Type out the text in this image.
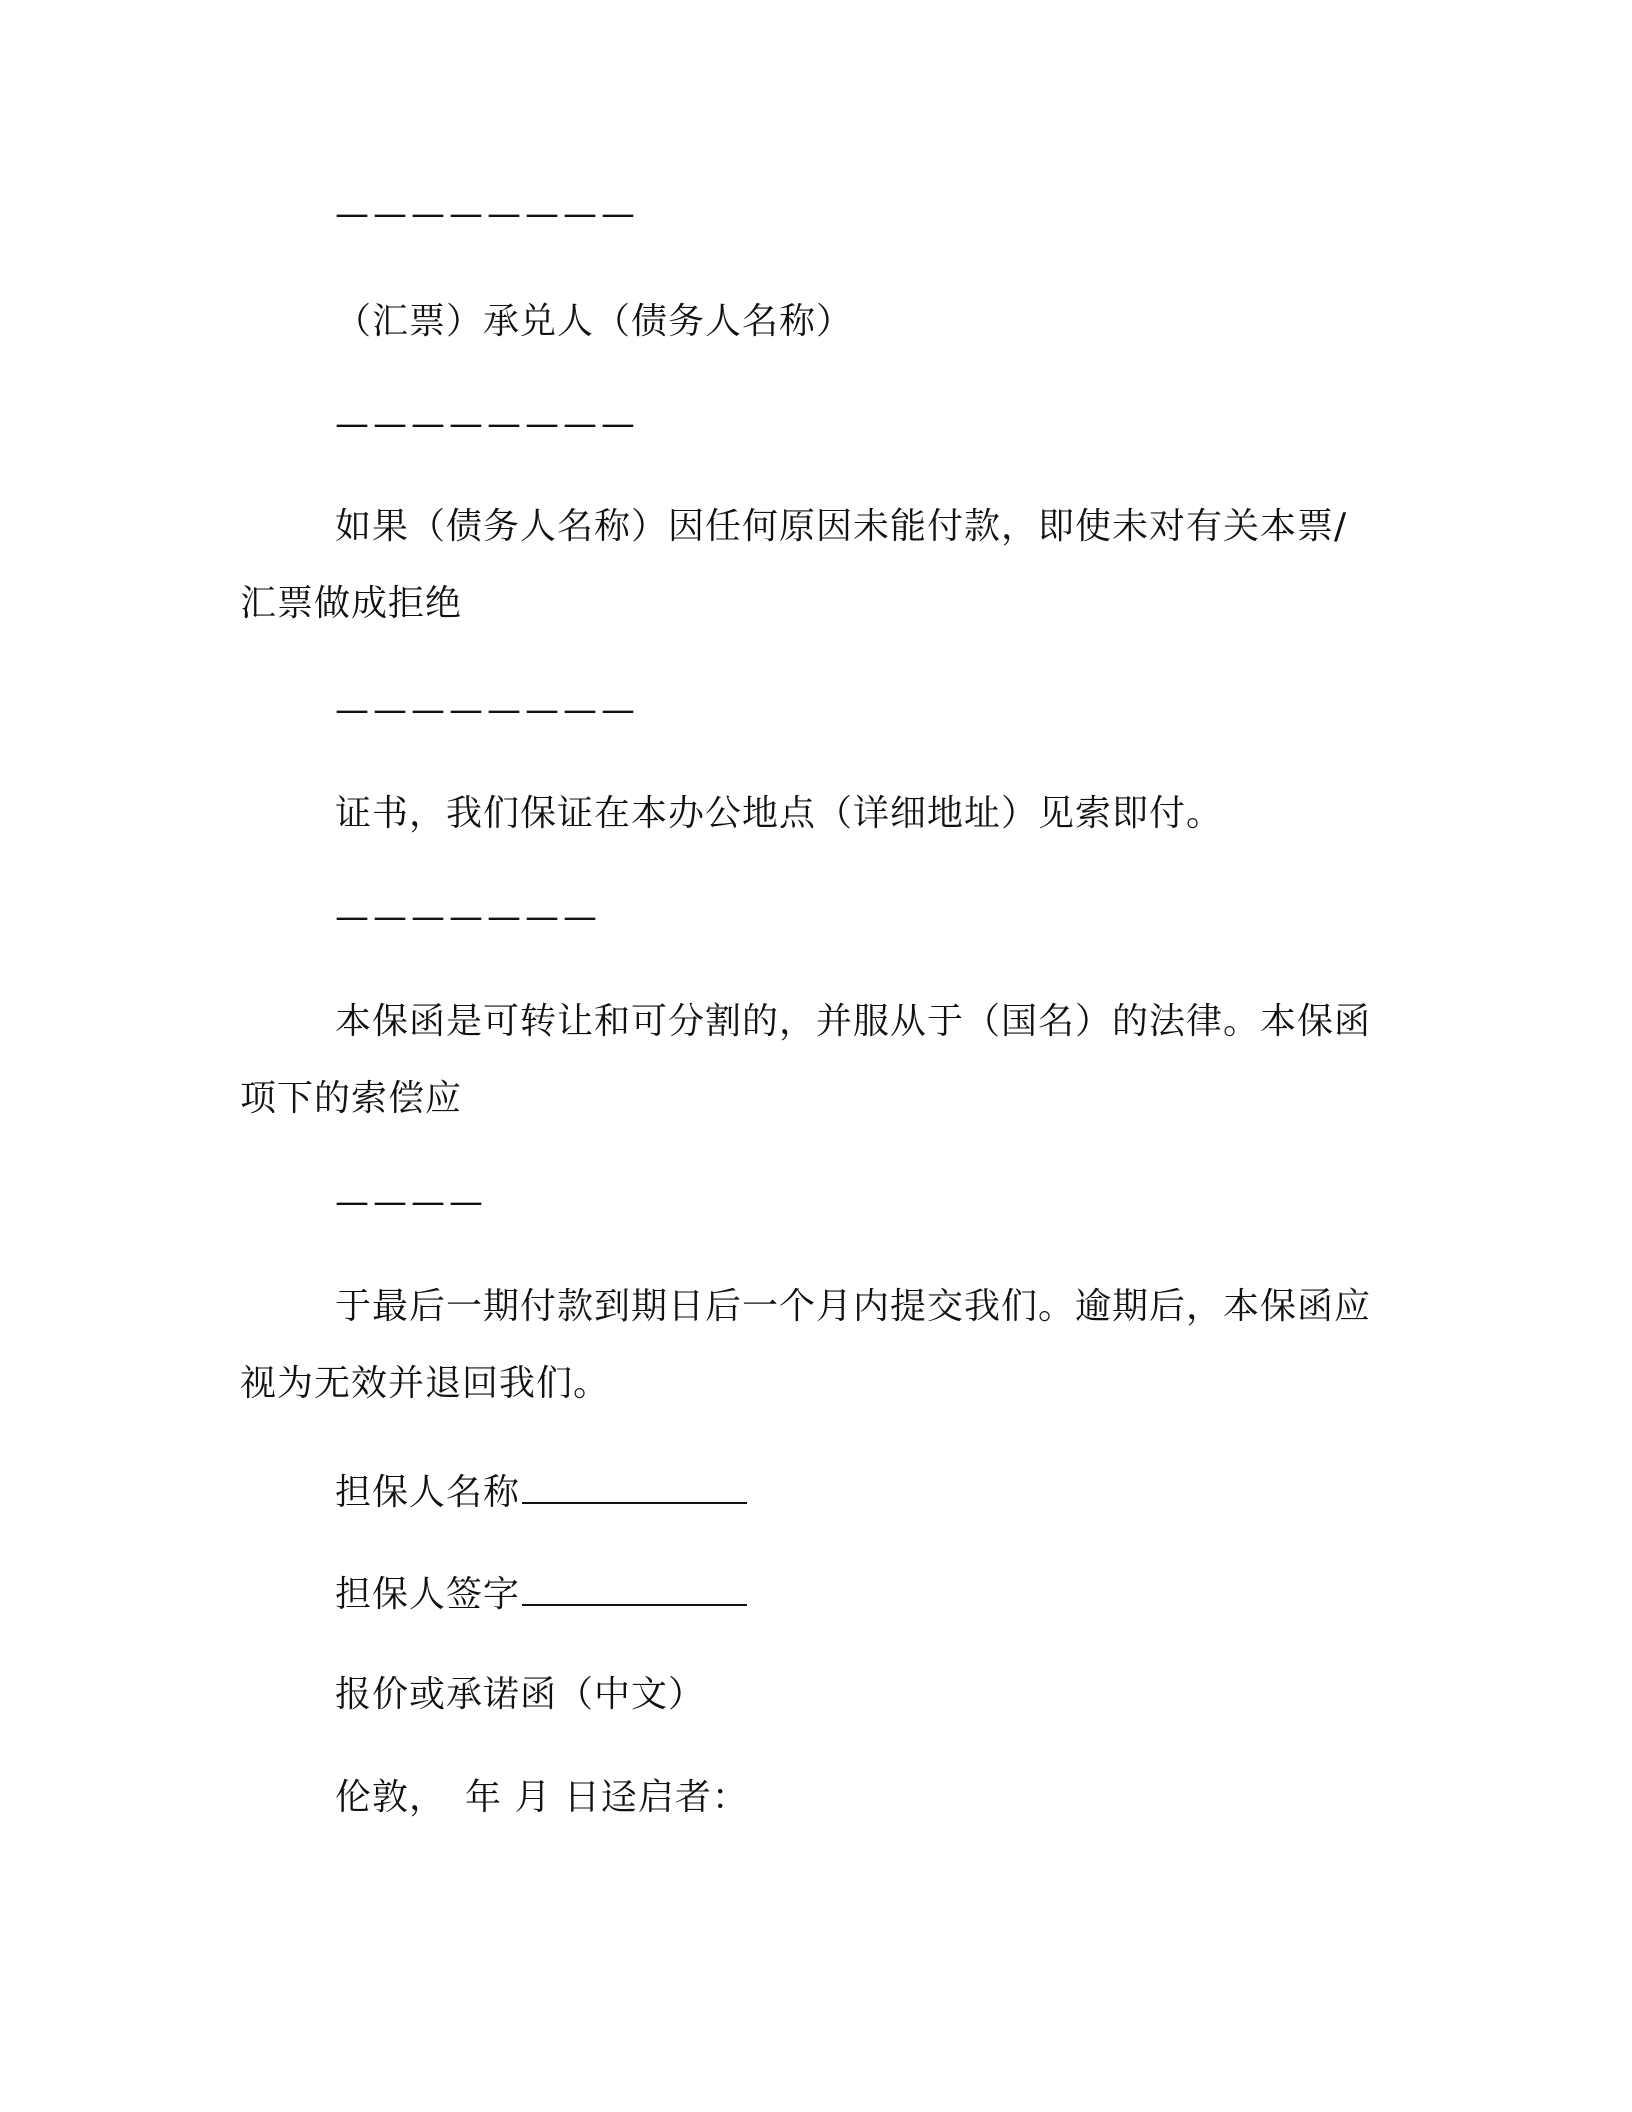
————————
（汇票）承兑人（债务人名称）
————————
如果（债务人名称）因任何原因未能付款，即使未对有关本票/
汇票做成拒绝
————————
证书，我们保证在本办公地点（详细地址）见索即付。
———————
本保函是可转让和可分割的，并服从于（国名）的法律。本保函
项下的索偿应
————
于最后一期付款到期日后一个月内提交我们。逾期后，本保函应
视为无效并退回我们。
担保人名称
担保人签字
报价或承诺函（中文）
伦敦，　年 月 日迳启者：
